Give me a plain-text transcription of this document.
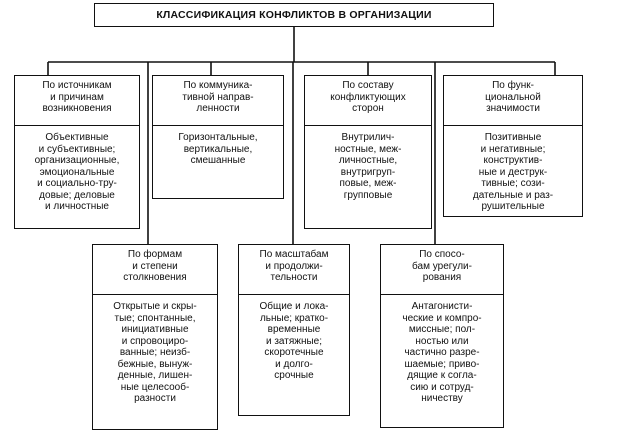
КЛАССИФИКАЦИЯ КОНФЛИКТОВ В ОРГАНИЗАЦИИ
По источникам
и причинам
возникновения
Объективные
и субъективные;
организационные,
эмоциональные
и социально-тру-
довые; деловые
и личностные
По коммуника-
тивной направ-
ленности
Горизонтальные,
вертикальные,
смешанные
По составу
конфликтующих
сторон
Внутрилич-
ностные, меж-
личностные,
внутригруп-
повые, меж-
групповые
По функ-
циональной
значимости
Позитивные
и негативные;
конструктив-
ные и деструк-
тивные; сози-
дательные и раз-
рушительные
По формам
и степени
столкновения
Открытые и скры-
тые; спонтанные,
инициативные
и спровоциро-
ванные; неизб-
бежные, вынуж-
денные, лишен-
ные целесооб-
разности
По масштабам
и продолжи-
тельности
Общие и лока-
льные; кратко-
временные
и затяжные;
скоротечные
и долго-
срочные
По спосо-
бам урегули-
рования
Антагонисти-
ческие и компро-
миссные; пол-
ностью или
частично разре-
шаемые; приво-
дящие к согла-
сию и сотруд-
ничеству
